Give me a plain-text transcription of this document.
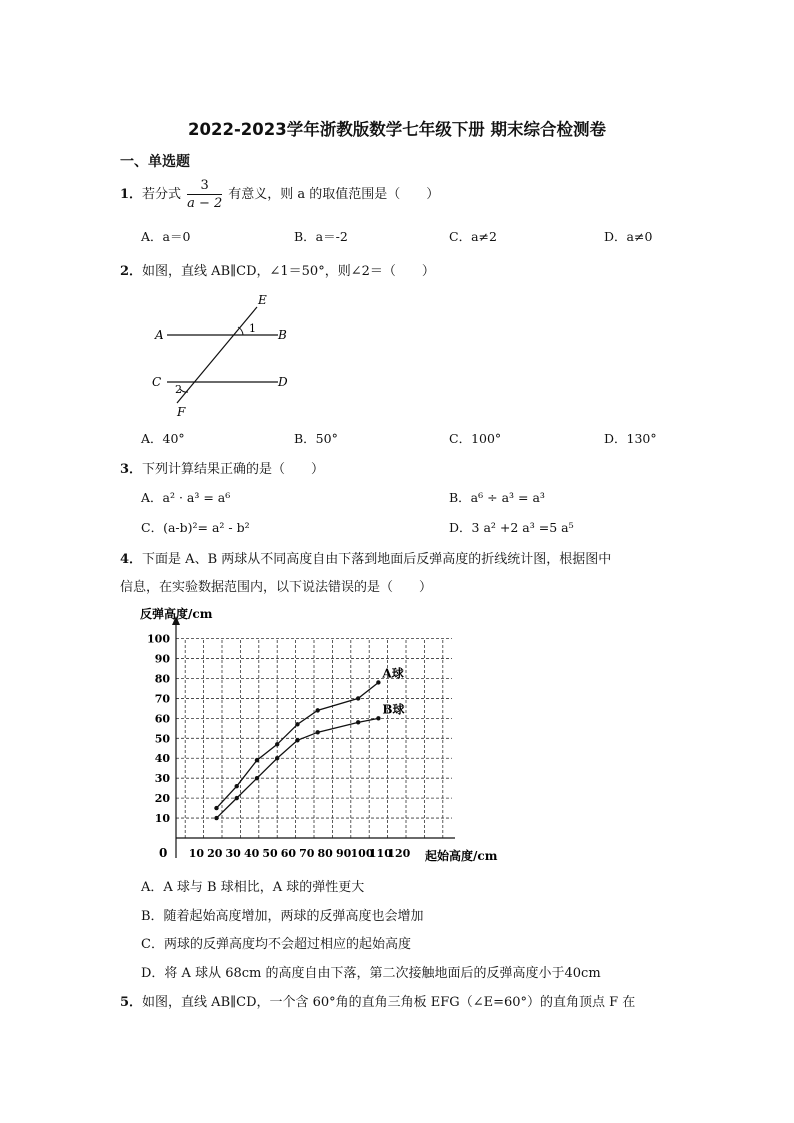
2022-2023学年浙教版数学七年级下册 期末综合检测卷
一、单选题
1．若分式 $\frac{3}{a - 2}$ 有意义，则 a 的取值范围是（　　）
A．a＝0	B．a＝-2	C．a≠2	D．a≠0
2．如图，直线 AB∥CD，∠1＝50°，则∠2＝（　　）
E
A	B
1
C	D
2
F
A．40°	B．50°	C．100°	D．130°
3．下列计算结果正确的是（　　）
A．a² · a³ = a⁶	B．a⁶ ÷ a³ = a³
C．(a-b)²= a² - b²	D．3 a² +2 a³ =5 a⁵
4．下面是 A、B 两球从不同高度自由下落到地面后反弹高度的折线统计图，根据图中
信息，在实验数据范围内，以下说法错误的是（　　）
10
20
30
40
50
60
70
80
90
100
10 20 30 40 50 60 70 80 90 100
110
120
A球
B球
反弹高度/cm
起始高度/cm
0
A．A 球与 B 球相比，A 球的弹性更大
B．随着起始高度增加，两球的反弹高度也会增加
C．两球的反弹高度均不会超过相应的起始高度
D．将 A 球从 68cm 的高度自由下落，第二次接触地面后的反弹高度小于40cm
5．如图，直线 AB∥CD，一个含 60°角的直角三角板 EFG（∠E=60°）的直角顶点 F 在
